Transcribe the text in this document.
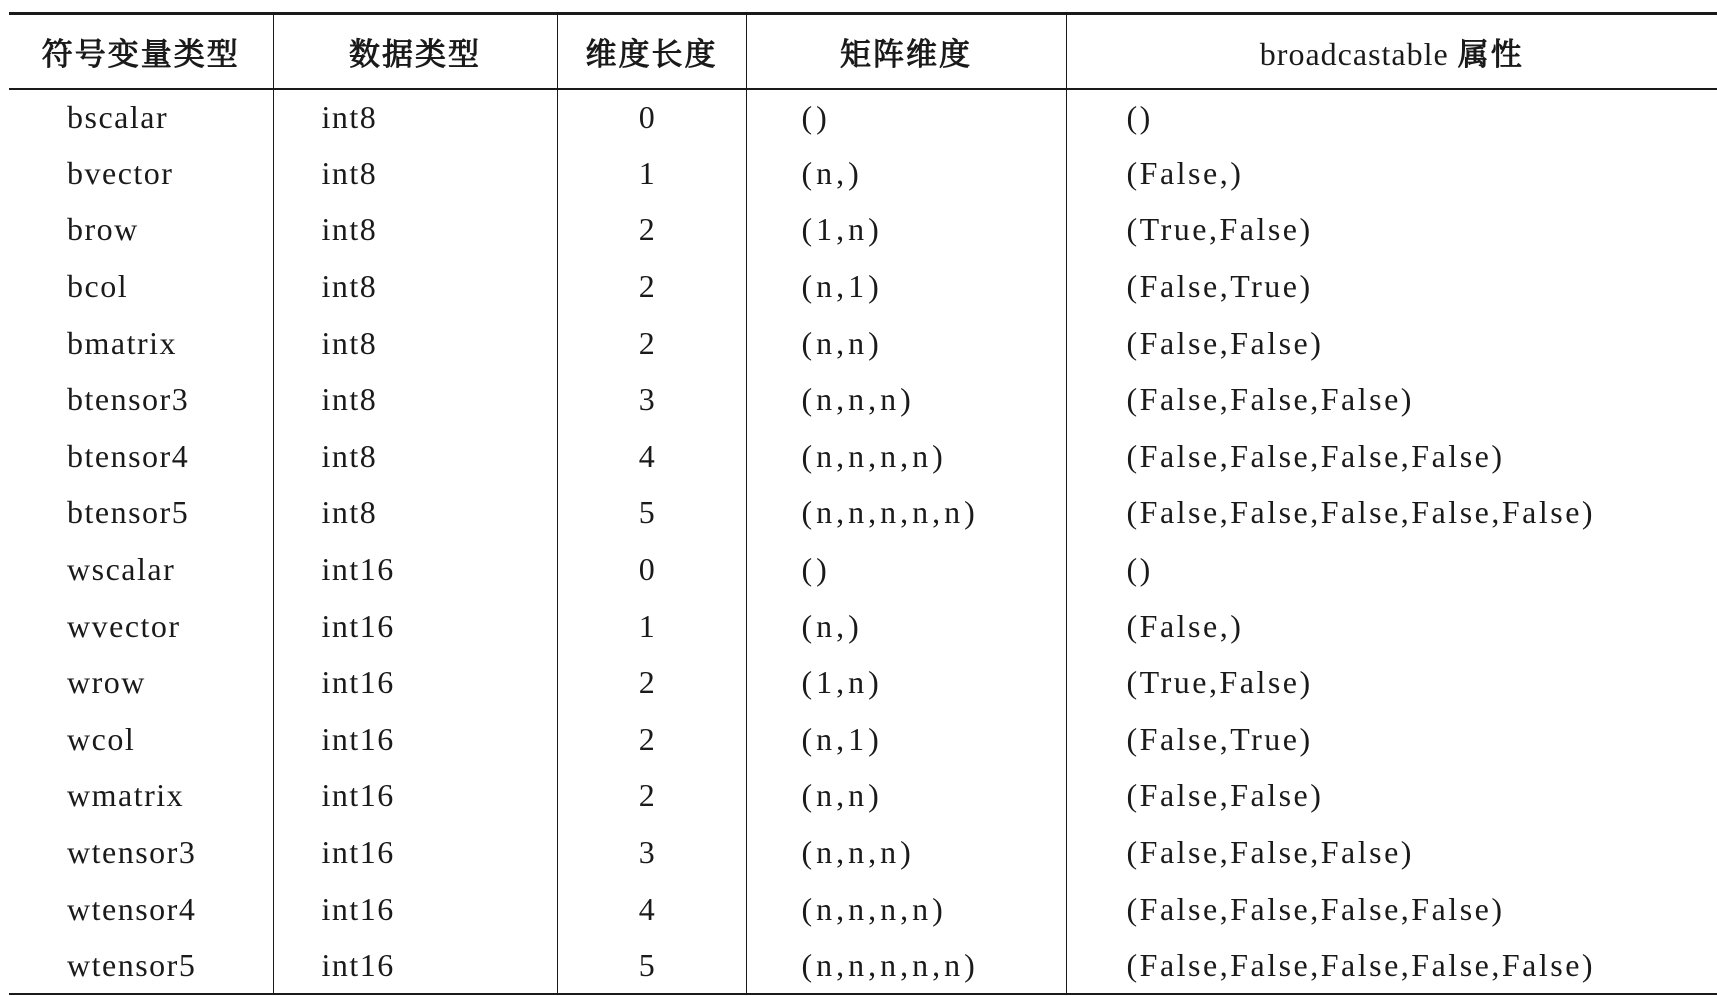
符号变量类型	数据类型	维度长度	矩阵维度	broadcastable 属性
bscalar	int8	0	()	()
bvector	int8	1	(n,)	(False,)
brow	int8	2	(1,n)	(True,False)
bcol	int8	2	(n,1)	(False,True)
bmatrix	int8	2	(n,n)	(False,False)
btensor3	int8	3	(n,n,n)	(False,False,False)
btensor4	int8	4	(n,n,n,n)	(False,False,False,False)
btensor5	int8	5	(n,n,n,n,n)	(False,False,False,False,False)
wscalar	int16	0	()	()
wvector	int16	1	(n,)	(False,)
wrow	int16	2	(1,n)	(True,False)
wcol	int16	2	(n,1)	(False,True)
wmatrix	int16	2	(n,n)	(False,False)
wtensor3	int16	3	(n,n,n)	(False,False,False)
wtensor4	int16	4	(n,n,n,n)	(False,False,False,False)
wtensor5	int16	5	(n,n,n,n,n)	(False,False,False,False,False)
